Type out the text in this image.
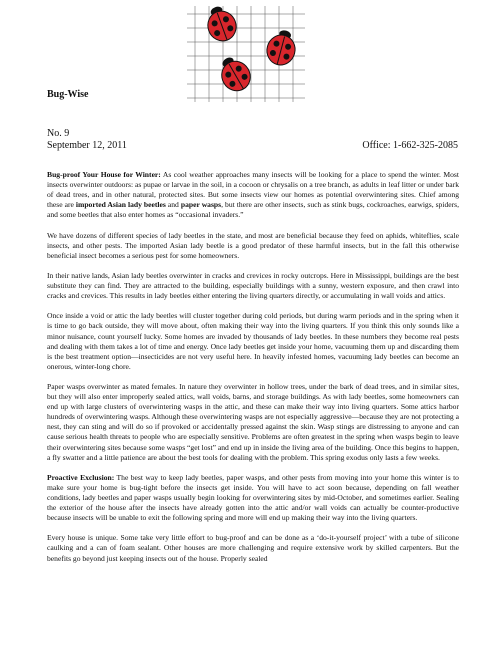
Bug-Wise
No. 9
September 12, 2011	Office: 1-662-325-2085

Bug-proof Your House for Winter: As cool weather approaches many insects will be looking for a place to spend the winter. Most insects overwinter outdoors: as pupae or larvae in the soil, in a cocoon or chrysalis on a tree branch, as adults in leaf litter or under bark of dead trees, and in other natural, protected sites. But some insects view our homes as potential overwintering sites. Chief among these are imported Asian lady beetles and paper wasps, but there are other insects, such as stink bugs, cockroaches, earwigs, spiders, and some beetles that also enter homes as “occasional invaders.”

We have dozens of different species of lady beetles in the state, and most are beneficial because they feed on aphids, whiteflies, scale insects, and other pests. The imported Asian lady beetle is a good predator of these harmful insects, but in the fall this otherwise beneficial insect becomes a serious pest for some homeowners.

In their native lands, Asian lady beetles overwinter in cracks and crevices in rocky outcrops. Here in Mississippi, buildings are the best substitute they can find. They are attracted to the building, especially buildings with a sunny, western exposure, and then crawl into cracks and crevices. This results in lady beetles either entering the living quarters directly, or accumulating in wall voids and attics.

Once inside a void or attic the lady beetles will cluster together during cold periods, but during warm periods and in the spring when it is time to go back outside, they will move about, often making their way into the living quarters. If you think this only sounds like a minor nuisance, count yourself lucky. Some homes are invaded by thousands of lady beetles. In these numbers they become real pests and dealing with them takes a lot of time and energy. Once lady beetles get inside your home, vacuuming them up and discarding them is the best treatment option—insecticides are not very useful here. In heavily infested homes, vacuuming lady beetles can become an onerous, winter-long chore.

Paper wasps overwinter as mated females. In nature they overwinter in hollow trees, under the bark of dead trees, and in similar sites, but they will also enter improperly sealed attics, wall voids, barns, and storage buildings. As with lady beetles, some homeowners can end up with large clusters of overwintering wasps in the attic, and these can make their way into living quarters. Some attics harbor hundreds of overwintering wasps. Although these overwintering wasps are not especially aggressive—because they are not protecting a nest, they can sting and will do so if provoked or accidentally pressed against the skin. Wasp stings are distressing to anyone and can cause serious health threats to people who are especially sensitive. Problems are often greatest in the spring when wasps begin to leave their overwintering sites because some wasps “get lost” and end up in inside the living area of the building. Once this begins to happen, a fly swatter and a little patience are about the best tools for dealing with the problem. This spring exodus only lasts a few weeks.

Proactive Exclusion: The best way to keep lady beetles, paper wasps, and other pests from moving into your home this winter is to make sure your home is bug-tight before the insects get inside. You will have to act soon because, depending on fall weather conditions, lady beetles and paper wasps usually begin looking for overwintering sites by mid-October, and sometimes earlier. Sealing the exterior of the house after the insects have already gotten into the attic and/or wall voids can actually be counter-productive because insects will be unable to exit the following spring and more will end up making their way into the living quarters.

Every house is unique. Some take very little effort to bug-proof and can be done as a ‘do-it-yourself project’ with a tube of silicone caulking and a can of foam sealant. Other houses are more challenging and require extensive work by skilled carpenters. But the benefits go beyond just keeping insects out of the house. Properly sealed
